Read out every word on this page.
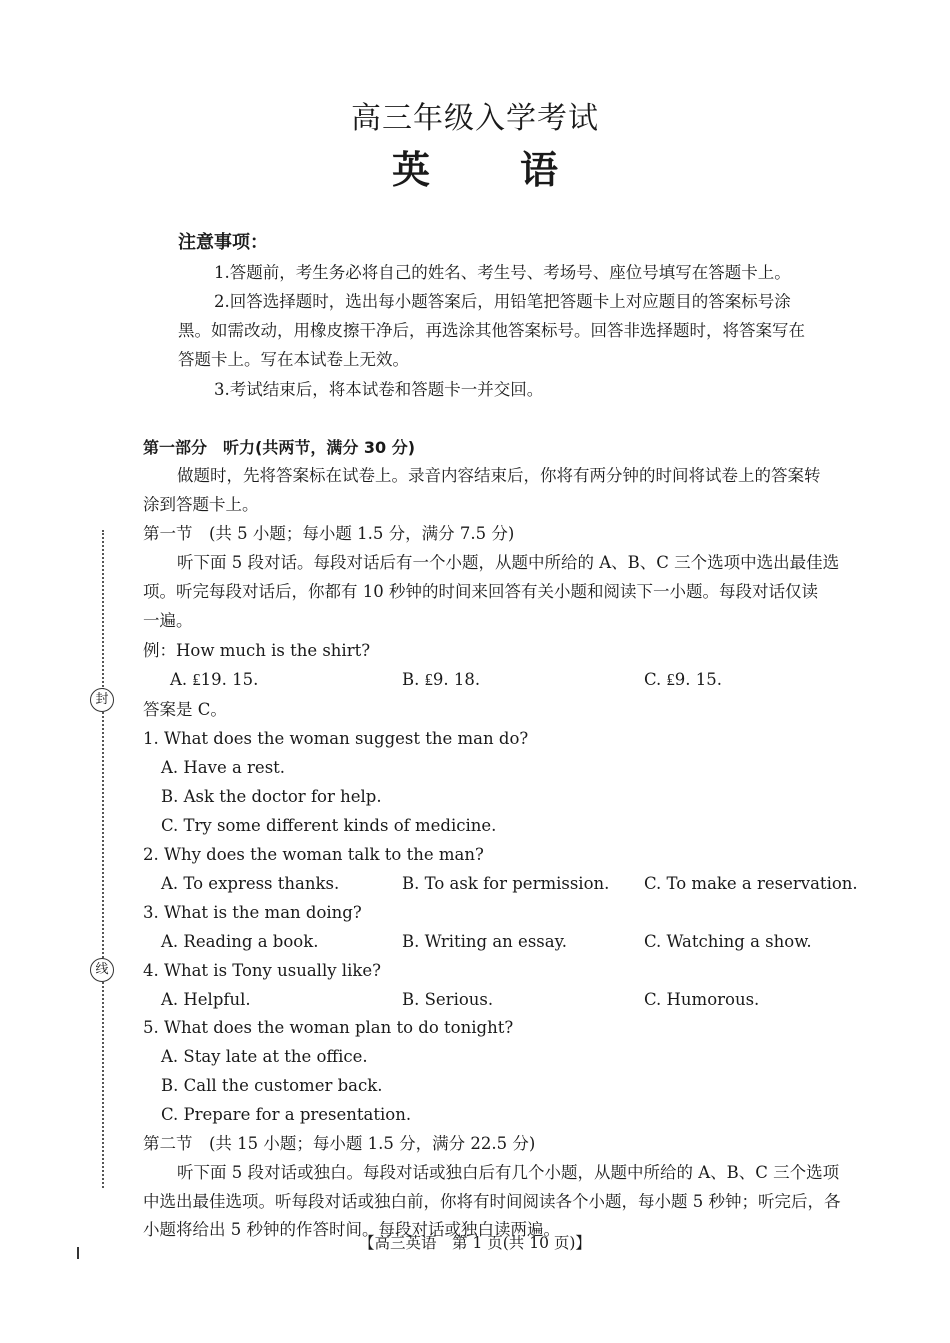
高三年级入学考试
英 语
注意事项：
1.答题前，考生务必将自己的姓名、考生号、考场号、座位号填写在答题卡上。
2.回答选择题时，选出每小题答案后，用铅笔把答题卡上对应题目的答案标号涂
黑。如需改动，用橡皮擦干净后，再选涂其他答案标号。回答非选择题时，将答案写在
答题卡上。写在本试卷上无效。
3.考试结束后，将本试卷和答题卡一并交回。
第一部分　听力(共两节，满分 30 分)
做题时，先将答案标在试卷上。录音内容结束后，你将有两分钟的时间将试卷上的答案转
涂到答题卡上。
第一节　(共 5 小题；每小题 1.5 分，满分 7.5 分)
听下面 5 段对话。每段对话后有一个小题，从题中所给的 A、B、C 三个选项中选出最佳选
项。听完每段对话后，你都有 10 秒钟的时间来回答有关小题和阅读下一小题。每段对话仅读
一遍。
例：How much is the shirt?
A. ₤19. 15.	B. ₤9. 18.	C. ₤9. 15.
答案是 C。
1. What does the woman suggest the man do?
A. Have a rest.
B. Ask the doctor for help.
C. Try some different kinds of medicine.
2. Why does the woman talk to the man?
A. To express thanks.	B. To ask for permission. C. To make a reservation.
3. What is the man doing?
A. Reading a book.	B. Writing an essay.	C. Watching a show.
4. What is Tony usually like?
A. Helpful.	B. Serious.	C. Humorous.
5. What does the woman plan to do tonight?
A. Stay late at the office.
B. Call the customer back.
C. Prepare for a presentation.
第二节　(共 15 小题；每小题 1.5 分，满分 22.5 分)
听下面 5 段对话或独白。每段对话或独白后有几个小题，从题中所给的 A、B、C 三个选项
中选出最佳选项。听每段对话或独白前，你将有时间阅读各个小题，每小题 5 秒钟；听完后，各
小题将给出 5 秒钟的作答时间。每段对话或独白读两遍。
封
线
【高三英语　第 1 页(共 10 页)】
